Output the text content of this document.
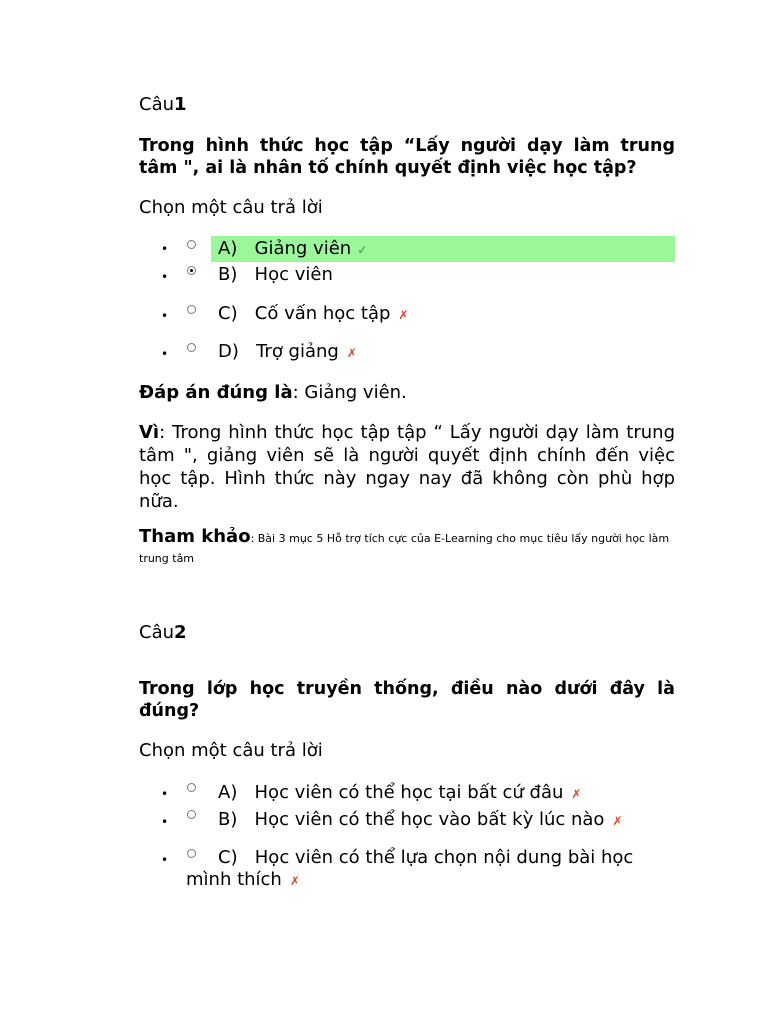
Câu1
Trong hình thức học tập “Lấy người dạy làm trung tâm ", ai là nhân tố chính quyết định việc học tập?
Chọn một câu trả lời
•	A) Giảng viên ✓
•	B) Học viên
•	C) Cố vấn học tập ✗
•	D) Trợ giảng ✗
Đáp án đúng là: Giảng viên.
Vì: Trong hình thức học tập tập “ Lấy người dạy làm trung tâm ", giảng viên sẽ là người quyết định chính đến việc học tập. Hình thức này ngay nay đã không còn phù hợp nữa.
Tham khảo: Bài 3 mục 5 Hỗ trợ tích cực của E-Learning cho mục tiêu lấy người học làm trung tâm
Câu2
Trong lớp học truyền thống, điều nào dưới đây là đúng?
Chọn một câu trả lời
•	A) Học viên có thể học tại bất cứ đâu ✗
•	B) Học viên có thể học vào bất kỳ lúc nào ✗
•	C) Học viên có thể lựa chọn nội dung bài học
mình thích ✗
